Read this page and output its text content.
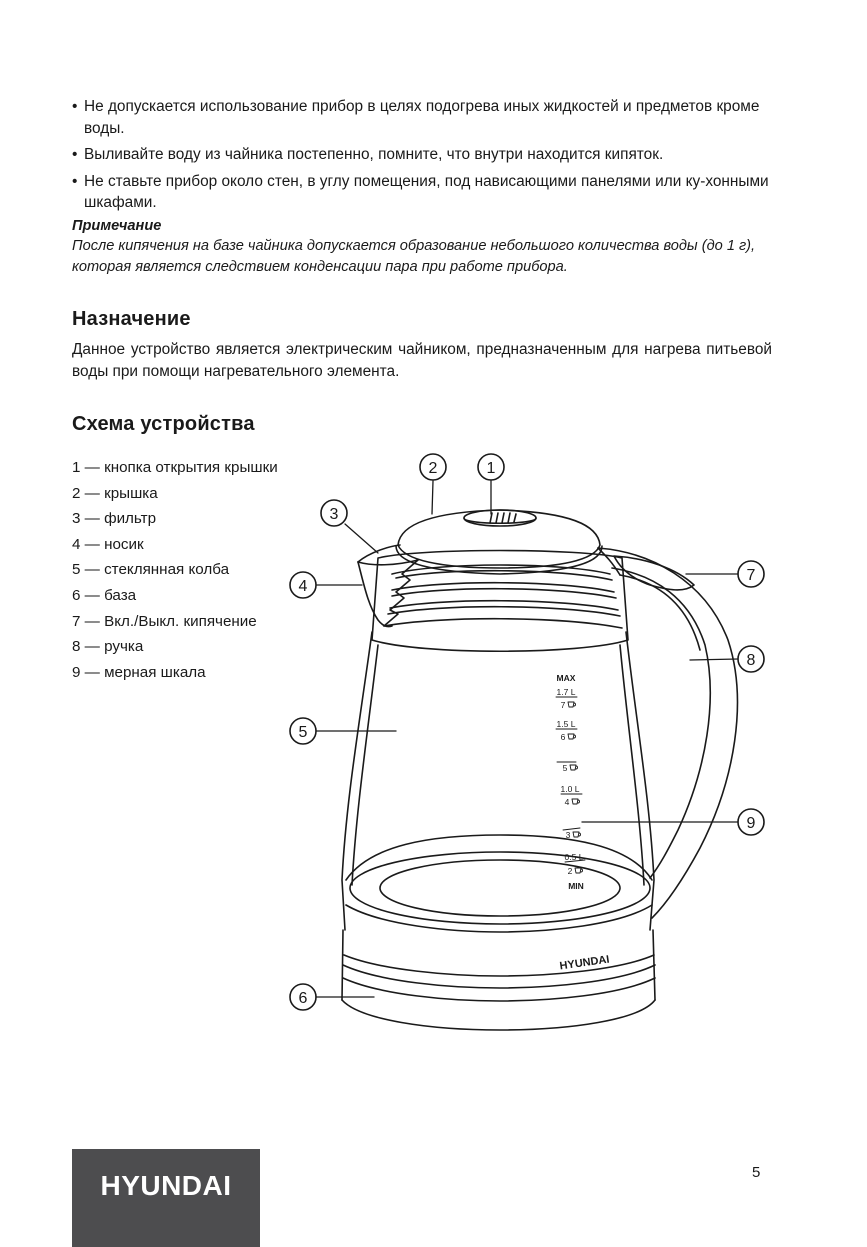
• Не допускается использование прибор в целях подогрева иных жидкостей и предметов кроме воды.
• Выливайте воду из чайника постепенно, помните, что внутри находится кипяток.
• Не ставьте прибор около стен, в углу помещения, под нависающими панелями или ку-хонными шкафами.
Примечание
После кипячения на базе чайника допускается образование небольшого количества воды (до 1 г), которая является следствием конденсации пара при работе прибора.
Назначение
Данное устройство является электрическим чайником, предназначенным для нагрева питьевой воды при помощи нагревательного элемента.
Схема устройства
1 — кнопка открытия крышки
2 — крышка
3 — фильтр
4 — носик
5 — стеклянная колба
6 — база
7 — Вкл./Выкл. кипячение
8 — ручка
9 — мерная шкала
HYUNDAI
MAX
1.7 L
7
1.5 L
6
5
1.0 L
4
3
0.5 L
2
MIN
1
2
3
4
5
6
7
8
9
HYUNDAI	5
